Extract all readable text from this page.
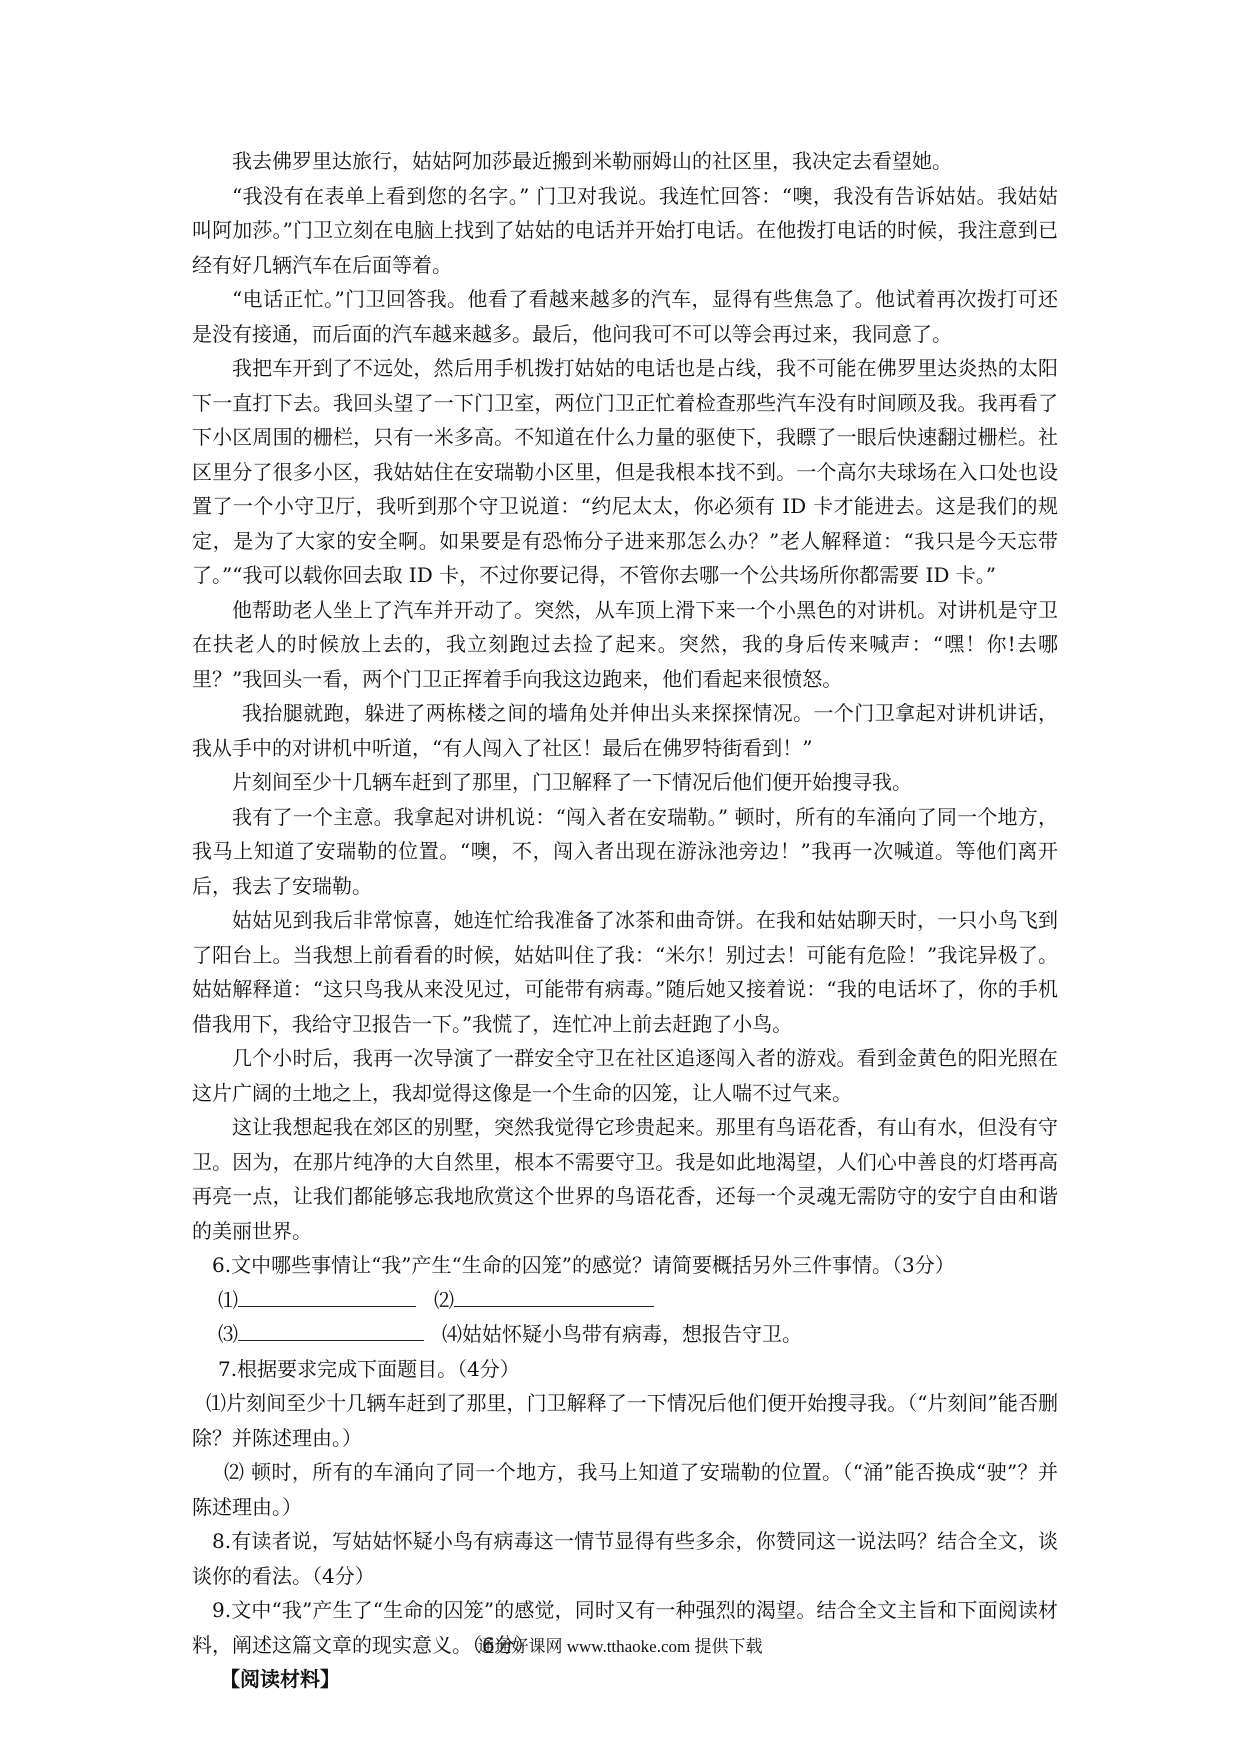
我去佛罗里达旅行，姑姑阿加莎最近搬到米勒丽姆山的社区里，我决定去看望她。

“我没有在表单上看到您的名字。” 门卫对我说。我连忙回答：“噢，我没有告诉姑姑。我姑姑叫阿加莎。”门卫立刻在电脑上找到了姑姑的电话并开始打电话。在他拨打电话的时候，我注意到已经有好几辆汽车在后面等着。

“电话正忙。”门卫回答我。他看了看越来越多的汽车，显得有些焦急了。他试着再次拨打可还是没有接通，而后面的汽车越来越多。最后，他问我可不可以等会再过来，我同意了。

我把车开到了不远处，然后用手机拨打姑姑的电话也是占线，我不可能在佛罗里达炎热的太阳下一直打下去。我回头望了一下门卫室，两位门卫正忙着检查那些汽车没有时间顾及我。我再看了下小区周围的栅栏，只有一米多高。不知道在什么力量的驱使下，我瞟了一眼后快速翻过栅栏。社区里分了很多小区，我姑姑住在安瑞勒小区里，但是我根本找不到。一个高尔夫球场在入口处也设置了一个小守卫厅，我听到那个守卫说道：“约尼太太，你必须有 ID 卡才能进去。这是我们的规定，是为了大家的安全啊。如果要是有恐怖分子进来那怎么办？”老人解释道：“我只是今天忘带了。”“我可以载你回去取 ID 卡，不过你要记得，不管你去哪一个公共场所你都需要 ID 卡。”

他帮助老人坐上了汽车并开动了。突然，从车顶上滑下来一个小黑色的对讲机。对讲机是守卫在扶老人的时候放上去的，我立刻跑过去捡了起来。突然，我的身后传来喊声：“嘿！你!去哪里？”我回头一看，两个门卫正挥着手向我这边跑来，他们看起来很愤怒。

我抬腿就跑，躲进了两栋楼之间的墙角处并伸出头来探探情况。一个门卫拿起对讲机讲话，我从手中的对讲机中听道，“有人闯入了社区！最后在佛罗特街看到！”

片刻间至少十几辆车赶到了那里，门卫解释了一下情况后他们便开始搜寻我。

我有了一个主意。我拿起对讲机说：“闯入者在安瑞勒。” 顿时，所有的车涌向了同一个地方，我马上知道了安瑞勒的位置。“噢，不，闯入者出现在游泳池旁边！”我再一次喊道。等他们离开后，我去了安瑞勒。

姑姑见到我后非常惊喜，她连忙给我准备了冰茶和曲奇饼。在我和姑姑聊天时，一只小鸟飞到了阳台上。当我想上前看看的时候，姑姑叫住了我：“米尔！别过去！可能有危险！”我诧异极了。姑姑解释道：“这只鸟我从来没见过，可能带有病毒。”随后她又接着说：“我的电话坏了，你的手机借我用下，我给守卫报告一下。”我慌了，连忙冲上前去赶跑了小鸟。

几个小时后，我再一次导演了一群安全守卫在社区追逐闯入者的游戏。看到金黄色的阳光照在这片广阔的土地之上，我却觉得这像是一个生命的囚笼，让人喘不过气来。

这让我想起我在郊区的别墅，突然我觉得它珍贵起来。那里有鸟语花香，有山有水，但没有守卫。因为，在那片纯净的大自然里，根本不需要守卫。我是如此地渴望，人们心中善良的灯塔再高再亮一点，让我们都能够忘我地欣赏这个世界的鸟语花香，还每一个灵魂无需防守的安宁自由和谐的美丽世界。

6.文中哪些事情让“我”产生“生命的囚笼”的感觉？请简要概括另外三件事情。（3分）

⑴	⑵
⑶	⑷姑姑怀疑小鸟带有病毒，想报告守卫。

7.根据要求完成下面题目。（4分）

⑴片刻间至少十几辆车赶到了那里，门卫解释了一下情况后他们便开始搜寻我。（“片刻间”能否删除？并陈述理由。）

⑵ 顿时，所有的车涌向了同一个地方，我马上知道了安瑞勒的位置。（“涌”能否换成“驶”？并陈述理由。）

8.有读者说，写姑姑怀疑小鸟有病毒这一情节显得有些多余，你赞同这一说法吗？结合全文，谈谈你的看法。（4分）

9.文中“我”产生了“生命的囚笼”的感觉，同时又有一种强烈的渴望。结合全文主旨和下面阅读材料，阐述这篇文章的现实意义。（6分）

【阅读材料】

通通好课网 www.tthaoke.com 提供下载
